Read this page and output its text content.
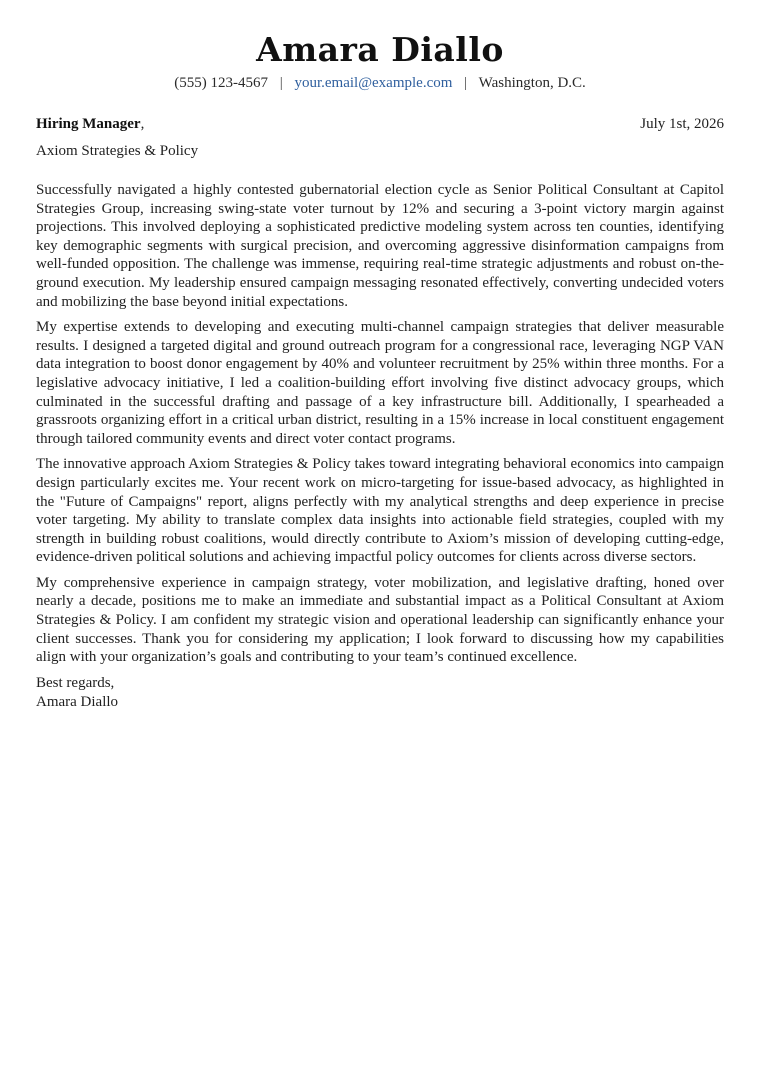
Amara Diallo
(555) 123-4567 | your.email@example.com | Washington, D.C.
Hiring Manager,	July 1st, 2026
Axiom Strategies & Policy

Successfully navigated a highly contested gubernatorial election cycle as Senior Political Consultant at Capitol Strategies Group, increasing swing-state voter turnout by 12% and securing a 3-point victory margin against projections. This involved deploying a sophisticated predictive modeling system across ten counties, identifying key demographic segments with surgical precision, and overcoming aggressive disinformation campaigns from well-funded opposition. The challenge was immense, requiring real-time strategic adjustments and robust on-the-ground execution. My leadership ensured campaign messaging resonated effectively, converting undecided voters and mobilizing the base beyond initial expectations.

My expertise extends to developing and executing multi-channel campaign strategies that deliver measurable results. I designed a targeted digital and ground outreach program for a congressional race, leveraging NGP VAN data integration to boost donor engagement by 40% and volunteer recruitment by 25% within three months. For a legislative advocacy initiative, I led a coalition-building effort involving five distinct advocacy groups, which culminated in the successful drafting and passage of a key infrastructure bill. Additionally, I spearheaded a grassroots organizing effort in a critical urban district, resulting in a 15% increase in local constituent engagement through tailored community events and direct voter contact programs.

The innovative approach Axiom Strategies & Policy takes toward integrating behavioral economics into campaign design particularly excites me. Your recent work on micro-targeting for issue-based advocacy, as highlighted in the "Future of Campaigns" report, aligns perfectly with my analytical strengths and deep experience in precise voter targeting. My ability to translate complex data insights into actionable field strategies, coupled with my strength in building robust coalitions, would directly contribute to Axiom’s mission of developing cutting-edge, evidence-driven political solutions and achieving impactful policy outcomes for clients across diverse sectors.

My comprehensive experience in campaign strategy, voter mobilization, and legislative drafting, honed over nearly a decade, positions me to make an immediate and substantial impact as a Political Consultant at Axiom Strategies & Policy. I am confident my strategic vision and operational leadership can significantly enhance your client successes. Thank you for considering my application; I look forward to discussing how my capabilities align with your organization’s goals and contributing to your team’s continued excellence.

Best regards,
Amara Diallo
